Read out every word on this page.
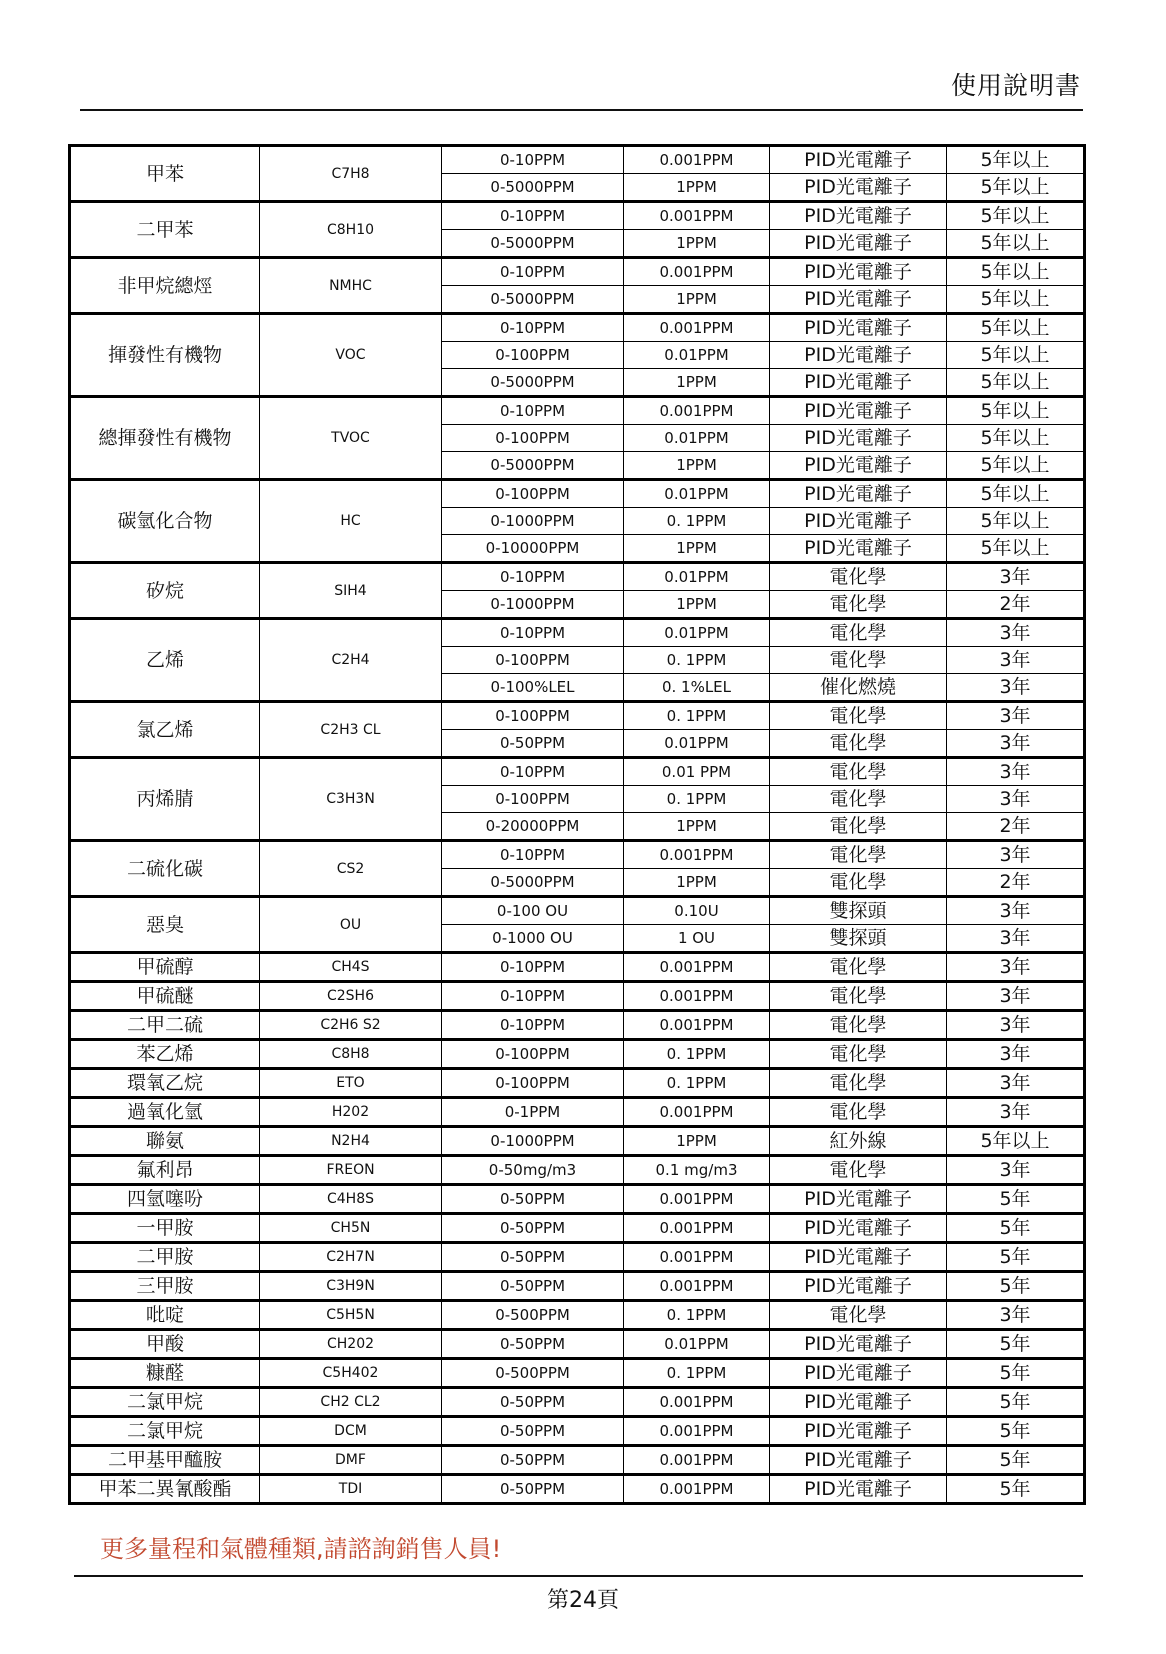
使用說明書
甲苯	C7H8	0-10PPM	0.001PPM	PID光電離子	5年以上
		0-5000PPM	1PPM	PID光電離子	5年以上
二甲苯	C8H10	0-10PPM	0.001PPM	PID光電離子	5年以上
		0-5000PPM	1PPM	PID光電離子	5年以上
非甲烷總烴	NMHC	0-10PPM	0.001PPM	PID光電離子	5年以上
		0-5000PPM	1PPM	PID光電離子	5年以上
揮發性有機物	VOC	0-10PPM	0.001PPM	PID光電離子	5年以上
		0-100PPM	0.01PPM	PID光電離子	5年以上
		0-5000PPM	1PPM	PID光電離子	5年以上
總揮發性有機物	TVOC	0-10PPM	0.001PPM	PID光電離子	5年以上
		0-100PPM	0.01PPM	PID光電離子	5年以上
		0-5000PPM	1PPM	PID光電離子	5年以上
碳氫化合物	HC	0-100PPM	0.01PPM	PID光電離子	5年以上
		0-1000PPM	0. 1PPM	PID光電離子	5年以上
		0-10000PPM	1PPM	PID光電離子	5年以上
矽烷	SIH4	0-10PPM	0.01PPM	電化學	3年
		0-1000PPM	1PPM	電化學	2年
乙烯	C2H4	0-10PPM	0.01PPM	電化學	3年
		0-100PPM	0. 1PPM	電化學	3年
		0-100%LEL	0. 1%LEL	催化燃燒	3年
氯乙烯	C2H3 CL	0-100PPM	0. 1PPM	電化學	3年
		0-50PPM	0.01PPM	電化學	3年
丙烯腈	C3H3N	0-10PPM	0.01 PPM	電化學	3年
		0-100PPM	0. 1PPM	電化學	3年
		0-20000PPM	1PPM	電化學	2年
二硫化碳	CS2	0-10PPM	0.001PPM	電化學	3年
		0-5000PPM	1PPM	電化學	2年
惡臭	OU	0-100 OU	0.10U	雙探頭	3年
		0-1000 OU	1 OU	雙探頭	3年
甲硫醇	CH4S	0-10PPM	0.001PPM	電化學	3年
甲硫醚	C2SH6	0-10PPM	0.001PPM	電化學	3年
二甲二硫	C2H6 S2	0-10PPM	0.001PPM	電化學	3年
苯乙烯	C8H8	0-100PPM	0. 1PPM	電化學	3年
環氧乙烷	ETO	0-100PPM	0. 1PPM	電化學	3年
過氧化氫	H202	0-1PPM	0.001PPM	電化學	3年
聯氨	N2H4	0-1000PPM	1PPM	紅外線	5年以上
氟利昂	FREON	0-50mg/m3	0.1 mg/m3	電化學	3年
四氫噻吩	C4H8S	0-50PPM	0.001PPM	PID光電離子	5年
一甲胺	CH5N	0-50PPM	0.001PPM	PID光電離子	5年
二甲胺	C2H7N	0-50PPM	0.001PPM	PID光電離子	5年
三甲胺	C3H9N	0-50PPM	0.001PPM	PID光電離子	5年
吡啶	C5H5N	0-500PPM	0. 1PPM	電化學	3年
甲酸	CH202	0-50PPM	0.01PPM	PID光電離子	5年
糠醛	C5H402	0-500PPM	0. 1PPM	PID光電離子	5年
二氯甲烷	CH2 CL2	0-50PPM	0.001PPM	PID光電離子	5年
二氯甲烷	DCM	0-50PPM	0.001PPM	PID光電離子	5年
二甲基甲醯胺	DMF	0-50PPM	0.001PPM	PID光電離子	5年
甲苯二異氰酸酯	TDI	0-50PPM	0.001PPM	PID光電離子	5年
更多量程和氣體種類,請諮詢銷售人員!
第24頁
